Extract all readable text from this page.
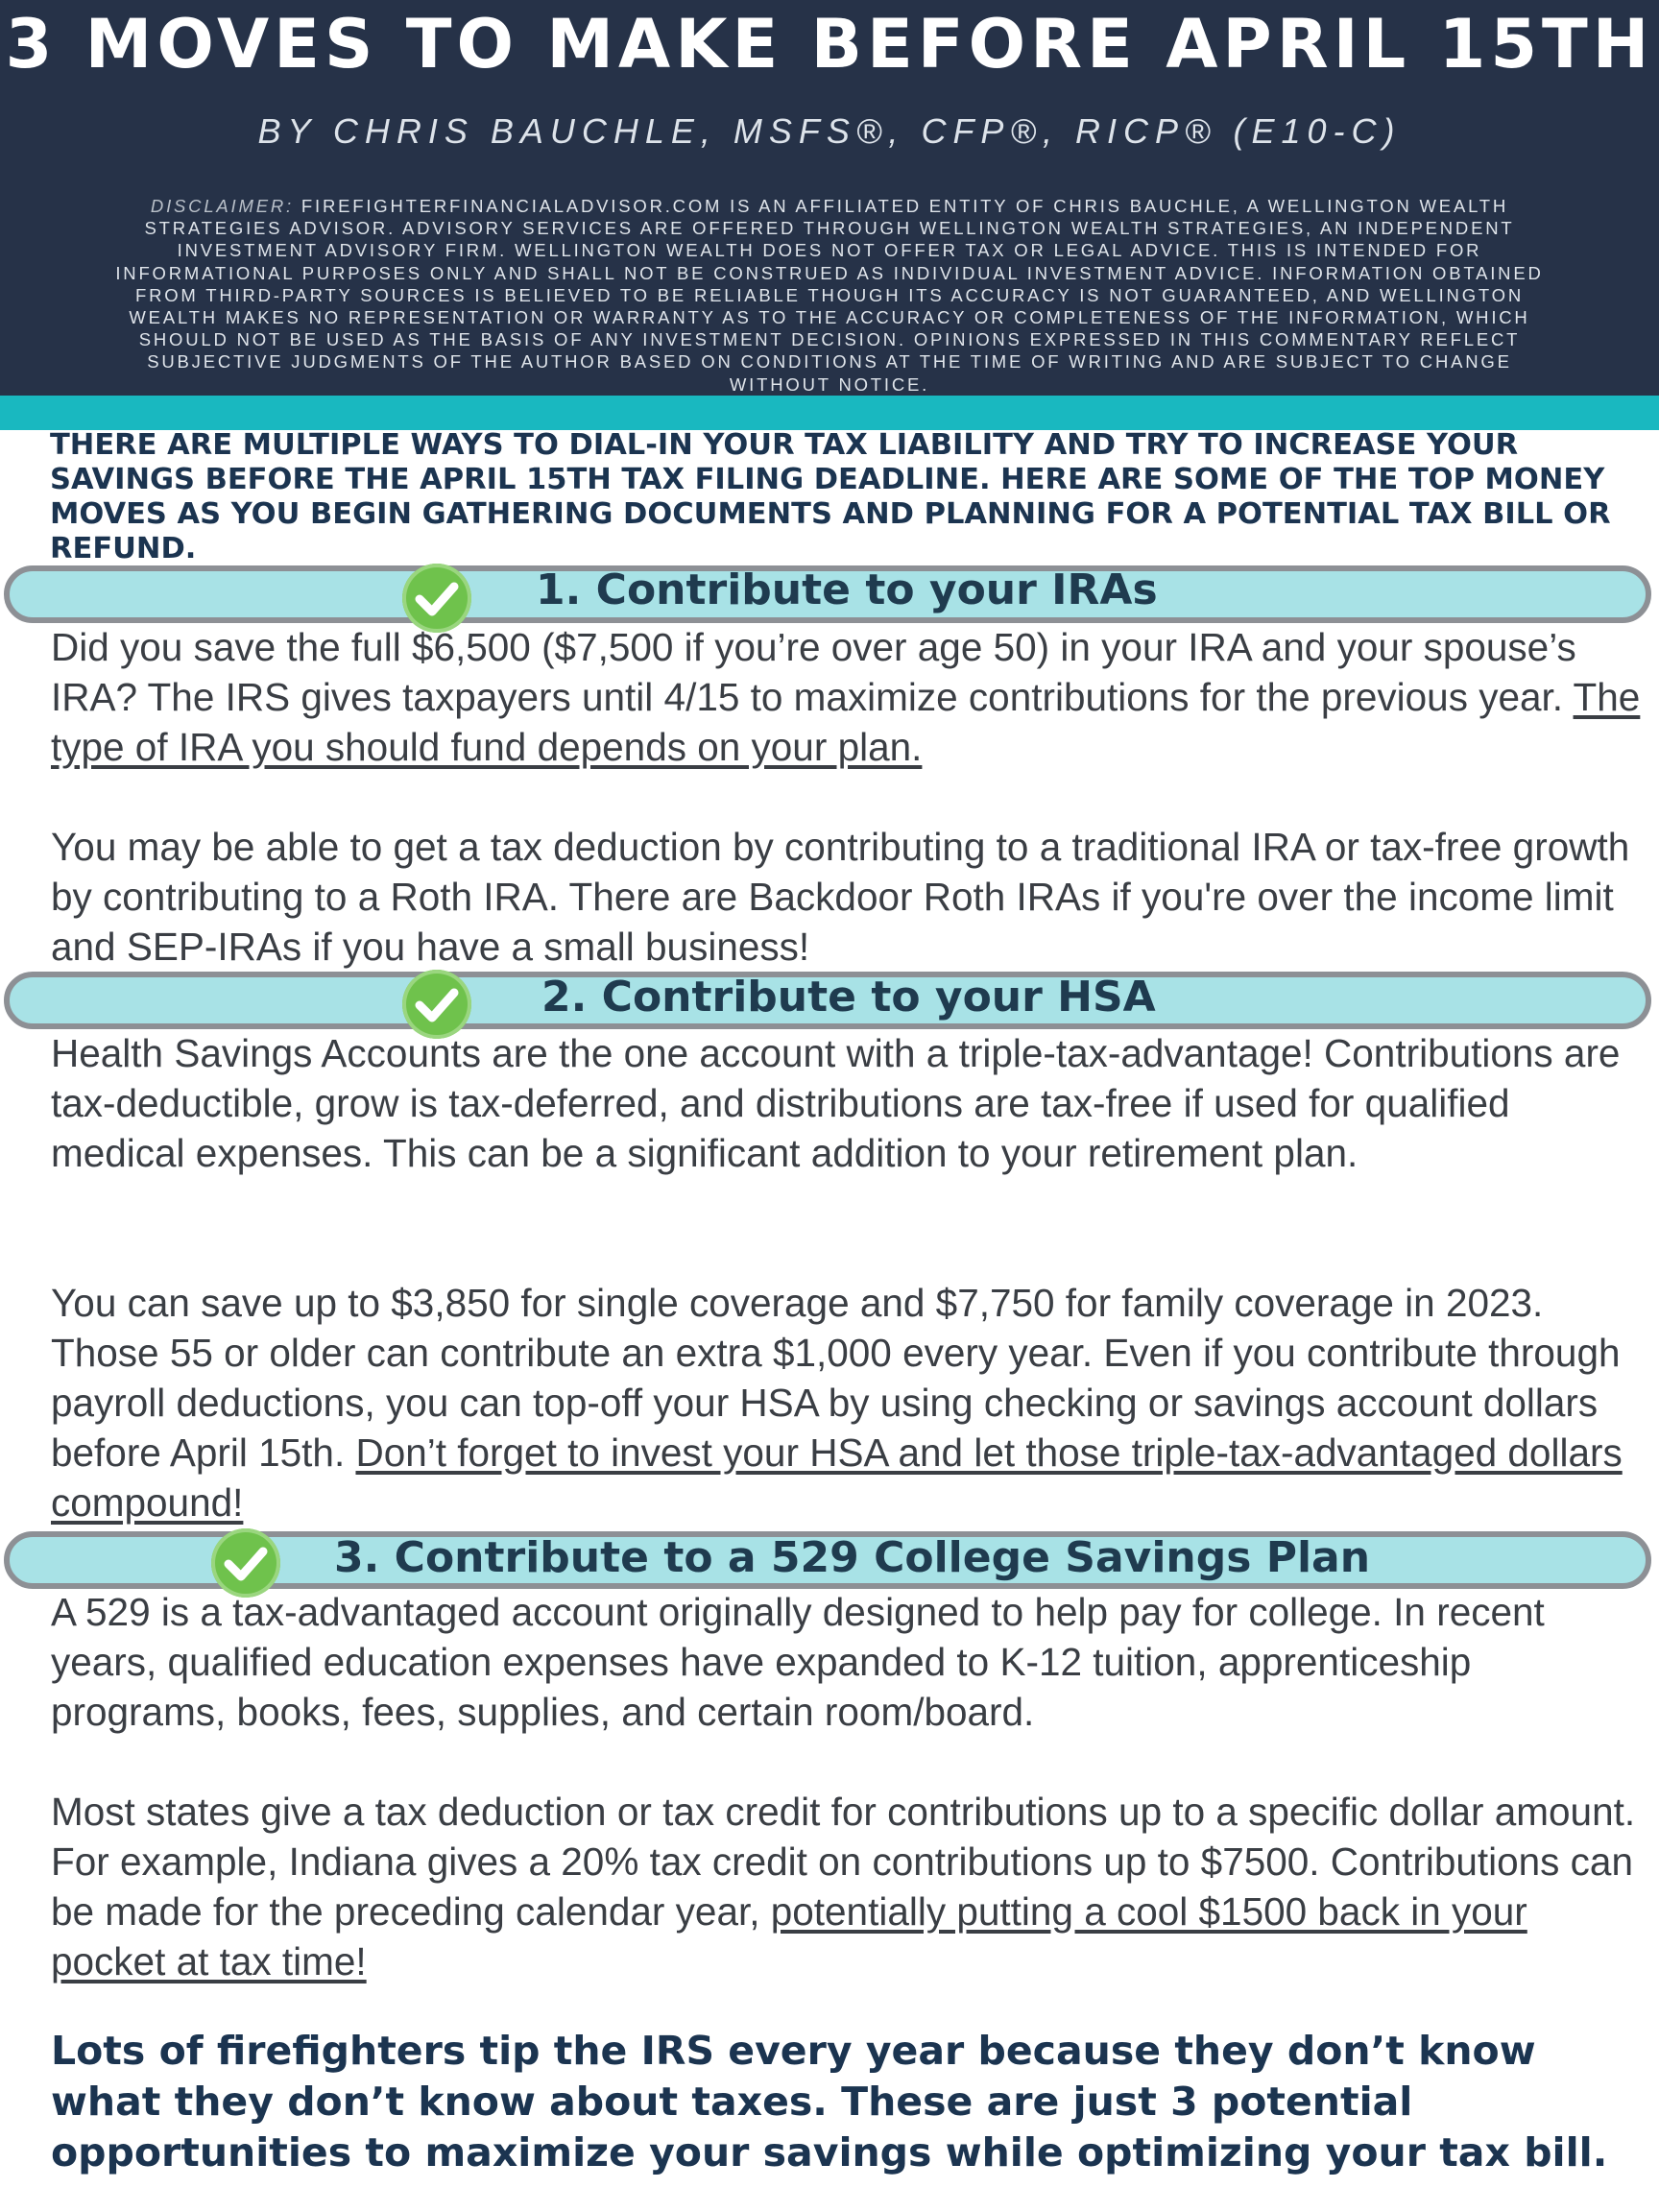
3 MOVES TO MAKE BEFORE APRIL 15TH
BY CHRIS BAUCHLE, MSFS®, CFP®, RICP® (E10-C)
DISCLAIMER: FIREFIGHTERFINANCIALADVISOR.COM IS AN AFFILIATED ENTITY OF CHRIS BAUCHLE, A WELLINGTON WEALTH STRATEGIES ADVISOR. ADVISORY SERVICES ARE OFFERED THROUGH WELLINGTON WEALTH STRATEGIES, AN INDEPENDENT INVESTMENT ADVISORY FIRM. WELLINGTON WEALTH DOES NOT OFFER TAX OR LEGAL ADVICE. THIS IS INTENDED FOR INFORMATIONAL PURPOSES ONLY AND SHALL NOT BE CONSTRUED AS INDIVIDUAL INVESTMENT ADVICE. INFORMATION OBTAINED FROM THIRD-PARTY SOURCES IS BELIEVED TO BE RELIABLE THOUGH ITS ACCURACY IS NOT GUARANTEED, AND WELLINGTON WEALTH MAKES NO REPRESENTATION OR WARRANTY AS TO THE ACCURACY OR COMPLETENESS OF THE INFORMATION, WHICH SHOULD NOT BE USED AS THE BASIS OF ANY INVESTMENT DECISION. OPINIONS EXPRESSED IN THIS COMMENTARY REFLECT SUBJECTIVE JUDGMENTS OF THE AUTHOR BASED ON CONDITIONS AT THE TIME OF WRITING AND ARE SUBJECT TO CHANGE WITHOUT NOTICE.
THERE ARE MULTIPLE WAYS TO DIAL-IN YOUR TAX LIABILITY AND TRY TO INCREASE YOUR SAVINGS BEFORE THE APRIL 15TH TAX FILING DEADLINE. HERE ARE SOME OF THE TOP MONEY MOVES AS YOU BEGIN GATHERING DOCUMENTS AND PLANNING FOR A POTENTIAL TAX BILL OR REFUND.
1. Contribute to your IRAs

Did you save the full $6,500 ($7,500 if you’re over age 50) in your IRA and your spouse’s IRA? The IRS gives taxpayers until 4/15 to maximize contributions for the previous year. The type of IRA you should fund depends on your plan.

You may be able to get a tax deduction by contributing to a traditional IRA or tax-free growth by contributing to a Roth IRA. There are Backdoor Roth IRAs if you're over the income limit and SEP-IRAs if you have a small business!

2. Contribute to your HSA

Health Savings Accounts are the one account with a triple-tax-advantage! Contributions are tax-deductible, grow is tax-deferred, and distributions are tax-free if used for qualified medical expenses. This can be a significant addition to your retirement plan.

You can save up to $3,850 for single coverage and $7,750 for family coverage in 2023. Those 55 or older can contribute an extra $1,000 every year. Even if you contribute through payroll deductions, you can top-off your HSA by using checking or savings account dollars before April 15th. Don’t forget to invest your HSA and let those triple-tax-advantaged dollars compound!

3. Contribute to a 529 College Savings Plan

A 529 is a tax-advantaged account originally designed to help pay for college. In recent years, qualified education expenses have expanded to K-12 tuition, apprenticeship programs, books, fees, supplies, and certain room/board.

Most states give a tax deduction or tax credit for contributions up to a specific dollar amount. For example, Indiana gives a 20% tax credit on contributions up to $7500. Contributions can be made for the preceding calendar year, potentially putting a cool $1500 back in your pocket at tax time!

Lots of firefighters tip the IRS every year because they don’t know what they don’t know about taxes. These are just 3 potential opportunities to maximize your savings while optimizing your tax bill.
